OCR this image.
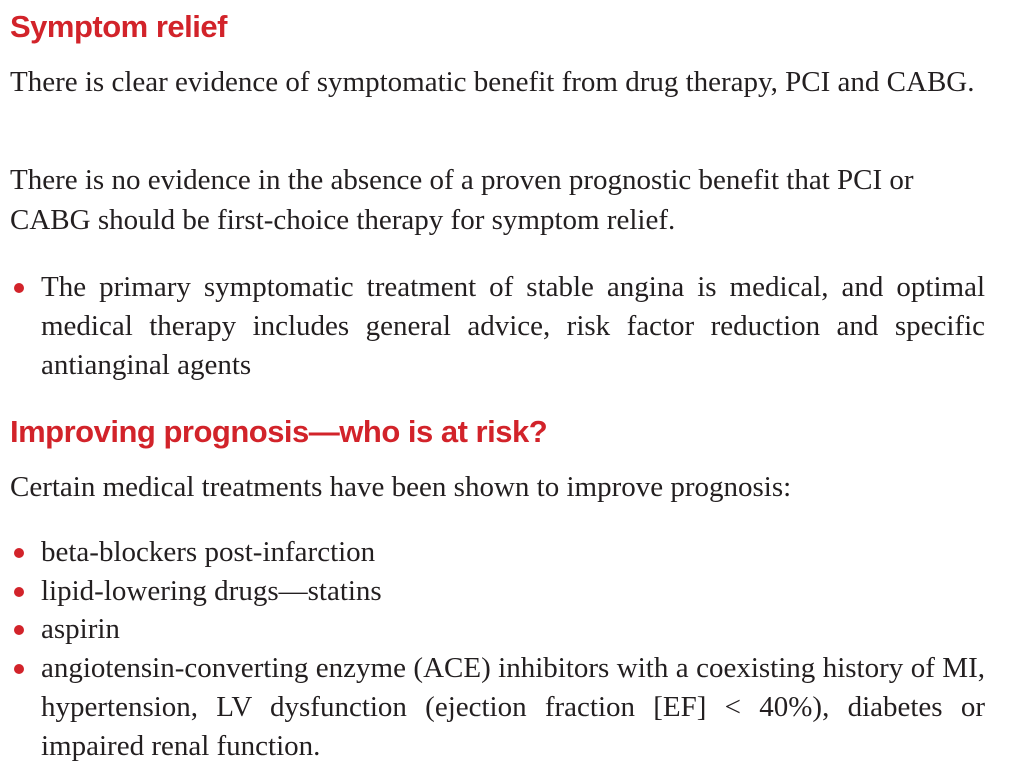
Symptom relief

There is clear evidence of symptomatic benefit from drug therapy, PCI and CABG.

There is no evidence in the absence of a proven prognostic benefit that PCI or CABG should be first-choice therapy for symptom relief.

The primary symptomatic treatment of stable angina is medical, and optimal medical therapy includes general advice, risk factor reduction and specific antianginal agents
Improving prognosis—who is at risk?

Certain medical treatments have been shown to improve prognosis:

beta-blockers post-infarction
lipid-lowering drugs—statins
aspirin
angiotensin-converting enzyme (ACE) inhibitors with a coexisting history of MI, hypertension, LV dysfunction (ejection fraction [EF] < 40%), diabetes or impaired renal function.
